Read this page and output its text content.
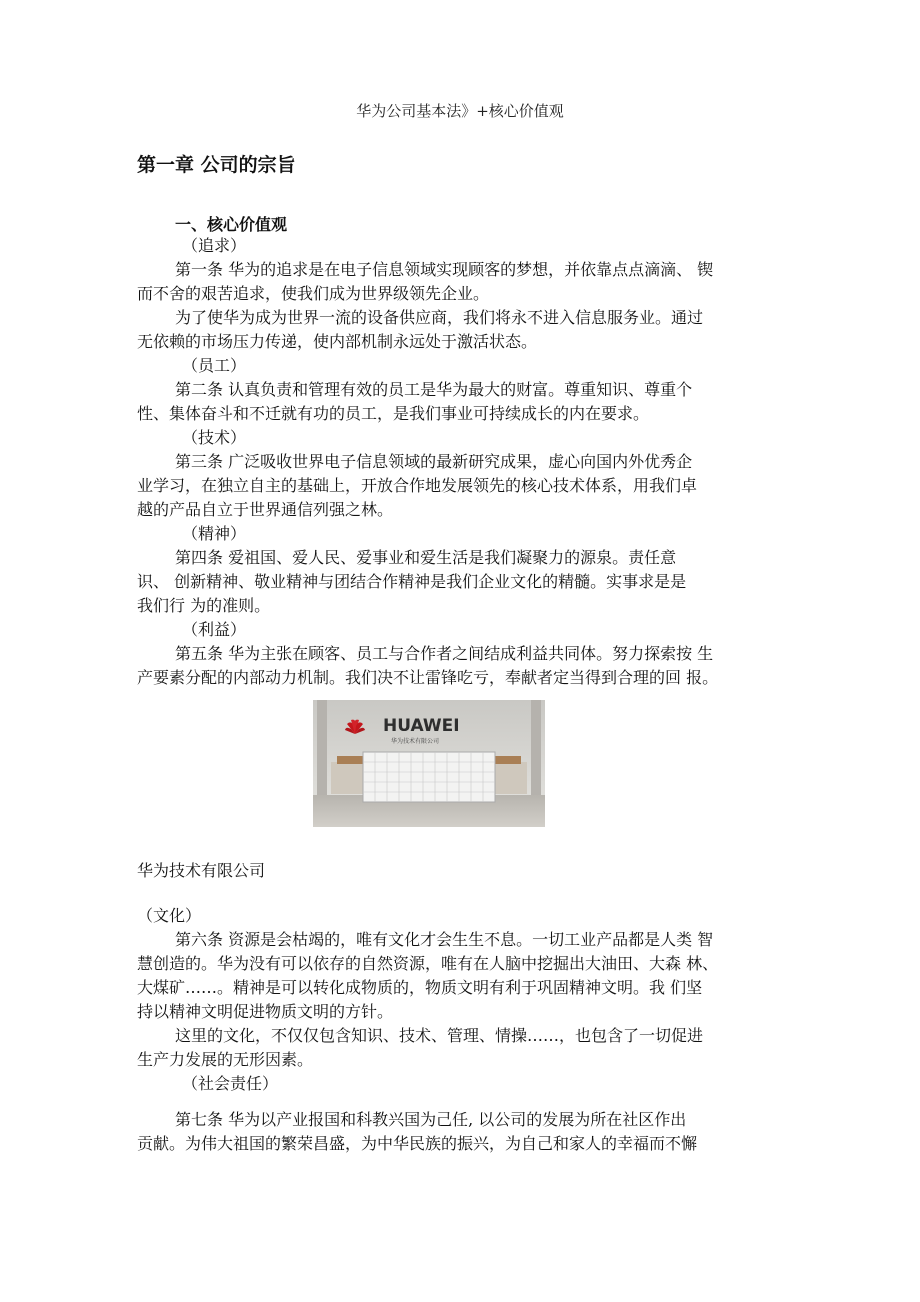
华为公司基本法》+核心价值观
第一章 公司的宗旨
一、核心价值观
（追求）
第一条 华为的追求是在电子信息领域实现顾客的梦想，并依靠点点滴滴、 锲
而不舍的艰苦追求，使我们成为世界级领先企业。
为了使华为成为世界一流的设备供应商，我们将永不进入信息服务业。通过
无依赖的市场压力传递，使内部机制永远处于激活状态。
（员工）
第二条 认真负责和管理有效的员工是华为最大的财富。尊重知识、尊重个
性、集体奋斗和不迁就有功的员工，是我们事业可持续成长的内在要求。
（技术）
第三条 广泛吸收世界电子信息领域的最新研究成果，虚心向国内外优秀企
业学习，在独立自主的基础上，开放合作地发展领先的核心技术体系，用我们卓
越的产品自立于世界通信列强之林。
（精神）
第四条 爱祖国、爱人民、爱事业和爱生活是我们凝聚力的源泉。责任意
识、 创新精神、敬业精神与团结合作精神是我们企业文化的精髓。实事求是是
我们行 为的准则。
（利益）
第五条 华为主张在顾客、员工与合作者之间结成利益共同体。努力探索按 生
产要素分配的内部动力机制。我们决不让雷锋吃亏，奉献者定当得到合理的回 报。
HUAWEI
华为技术有限公司
华为技术有限公司
（文化）
第六条 资源是会枯竭的，唯有文化才会生生不息。一切工业产品都是人类 智
慧创造的。华为没有可以依存的自然资源，唯有在人脑中挖掘出大油田、大森 林、
大煤矿……。精神是可以转化成物质的，物质文明有利于巩固精神文明。我 们坚
持以精神文明促进物质文明的方针。
这里的文化，不仅仅包含知识、技术、管理、情操……，也包含了一切促进
生产力发展的无形因素。
（社会责任）
第七条 华为以产业报国和科教兴国为己任, 以公司的发展为所在社区作出
贡献。为伟大祖国的繁荣昌盛，为中华民族的振兴，为自己和家人的幸福而不懈
